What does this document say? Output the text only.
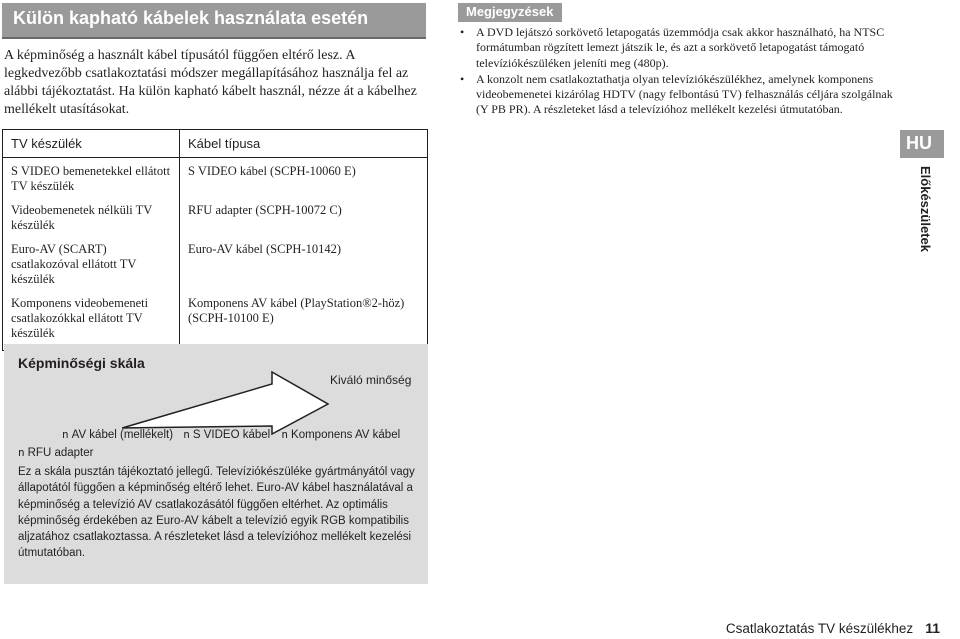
Külön kapható kábelek használata esetén

A képminőség a használt kábel típusától függően eltérő lesz. A legkedvezőbb csatlakoztatási módszer megállapításához használja fel az alábbi tájékoztatást. Ha külön kapható kábelt használ, nézze át a kábelhez mellékelt utasításokat.

TV készülék	Kábel típusa
S VIDEO bemenetekkel ellátott TV készülék	S VIDEO kábel (SCPH-10060 E)
Videobemenetek nélküli TV készülék	RFU adapter (SCPH-10072 C)
Euro-AV (SCART) csatlakozóval ellátott TV készülék	Euro-AV kábel (SCPH-10142)
Komponens videobemeneti csatlakozókkal ellátott TV készülék	Komponens AV kábel (PlayStation®2-höz) (SCPH-10100 E)
Megjegyzések
• A DVD lejátszó sorkövető letapogatás üzemmódja csak akkor használható, ha NTSC formátumban rögzített lemezt játszik le, és azt a sorkövető letapogatást támogató televíziókészüléken jeleníti meg (480p).
• A konzolt nem csatlakoztathatja olyan televíziókészülékhez, amelynek komponens videobemenetei kizárólag HDTV (nagy felbontású TV) felhasználás céljára szolgálnak (Y PB PR). A részleteket lásd a televízióhoz mellékelt kezelési útmutatóban.
HU
Előkészületek
Képminőségi skála
Kiváló minőség
n AV kábel (mellékelt) n S VIDEO kábel n Komponens AV kábel
n RFU adapter

Ez a skála pusztán tájékoztató jellegű. Televíziókészüléke gyártmányától vagy állapotától függően a képminőség eltérő lehet. Euro-AV kábel használatával a képminőség a televízió AV csatlakozásától függően eltérhet. Az optimális képminőség érdekében az Euro-AV kábelt a televízió egyik RGB kompatibilis aljzatához csatlakoztassa. A részleteket lásd a televízióhoz mellékelt kezelési útmutatóban.

Csatlakoztatás TV készülékhez 11
